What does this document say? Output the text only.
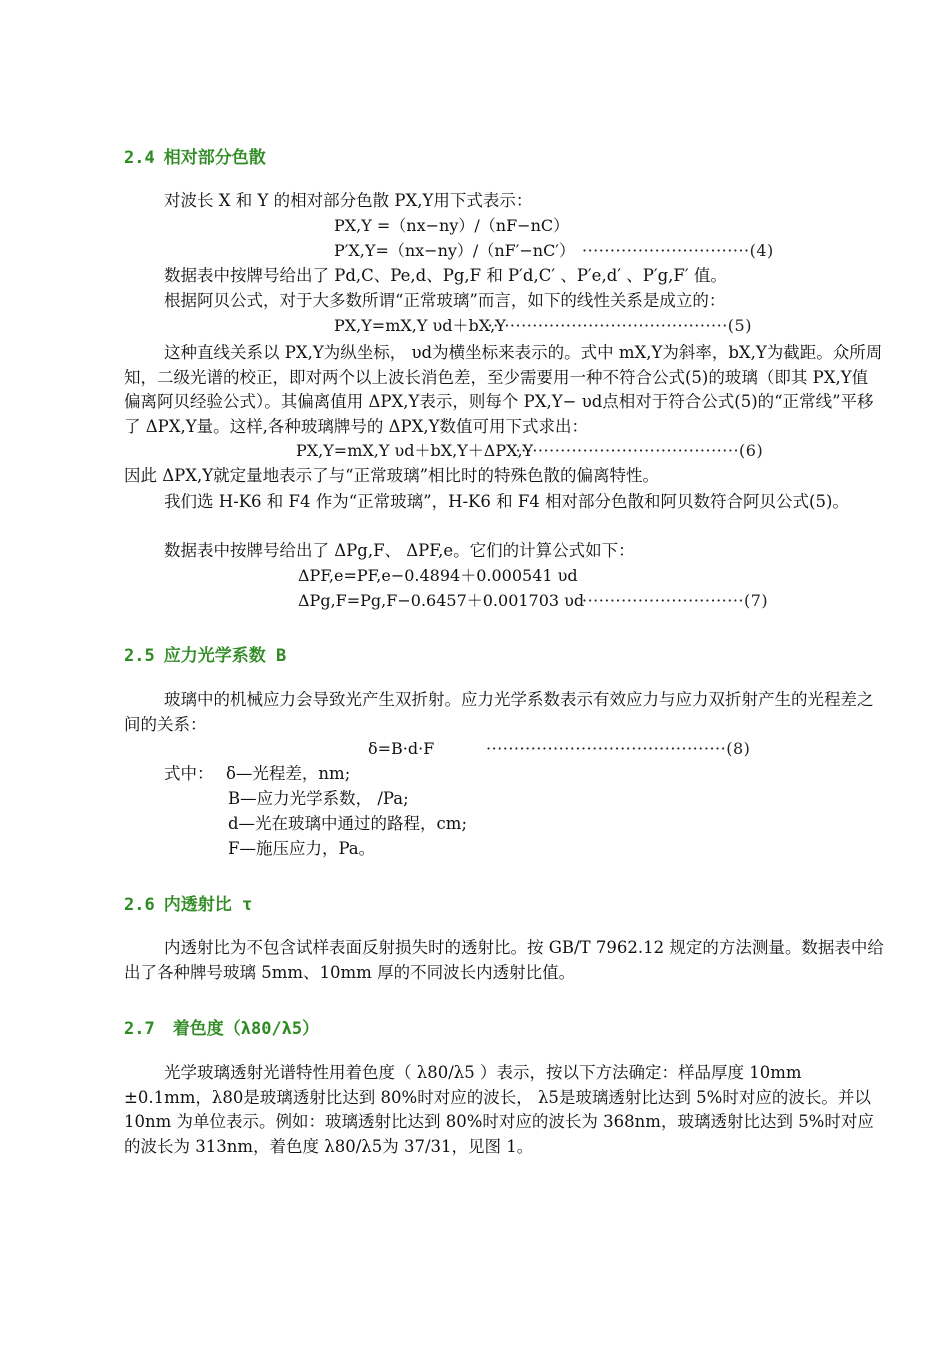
2.4 相对部分色散
对波长 X 和 Y 的相对部分色散 PX,Y用下式表示：
PX,Y =（nx−ny）/（nF−nC）
P′X,Y=（nx−ny）/（nF′−nC′） ······························(4)
数据表中按牌号给出了 Pd,C、Pe,d、Pg,F 和 P′d,C′ 、P′e,d′ 、P′g,F′ 值。
根据阿贝公式，对于大多数所谓“正常玻璃”而言，如下的线性关系是成立的：
PX,Y=mX,Y υd＋bX,Y
············································(5)
这种直线关系以 PX,Y为纵坐标， υd为横坐标来表示的。式中 mX,Y为斜率，bX,Y为截距。众所周知，二级光谱的校正，即对两个以上波长消色差，至少需要用一种不符合公式(5)的玻璃（即其 PX,Y值偏离阿贝经验公式）。其偏离值用 ΔPX,Y表示，则每个 PX,Y− υd点相对于符合公式(5)的“正常线”平移了 ΔPX,Y量。这样,各种玻璃牌号的 ΔPX,Y数值可用下式求出：
PX,Y=mX,Y υd＋bX,Y＋ΔPX,Y
·········································(6)
因此 ΔPX,Y就定量地表示了与“正常玻璃”相比时的特殊色散的偏离特性。
我们选 H-K6 和 F4 作为“正常玻璃”，H-K6 和 F4 相对部分色散和阿贝数符合阿贝公式(5)。
数据表中按牌号给出了 ΔPg,F、 ΔPF,e。它们的计算公式如下：
ΔPF,e=PF,e−0.4894＋0.000541 υd
ΔPg,F=Pg,F−0.6457＋0.001703 υd
·····························(7)
2.5 应力光学系数 B
玻璃中的机械应力会导致光产生双折射。应力光学系数表示有效应力与应力双折射产生的光程差之间的关系：
δ=B·d·F	···········································(8)
式中： δ—光程差，nm;
B—应力光学系数， /Pa;
d—光在玻璃中通过的路程，cm;
F—施压应力，Pa。
2.6 内透射比 τ
内透射比为不包含试样表面反射损失时的透射比。按 GB/T 7962.12 规定的方法测量。数据表中给出了各种牌号玻璃 5mm、10mm 厚的不同波长内透射比值。
2.7 着色度（λ80/λ5）
光学玻璃透射光谱特性用着色度（ λ80/λ5 ）表示，按以下方法确定：样品厚度 10mm ±0.1mm，λ80是玻璃透射比达到 80%时对应的波长， λ5是玻璃透射比达到 5%时对应的波长。并以 10nm 为单位表示。例如：玻璃透射比达到 80%时对应的波长为 368nm，玻璃透射比达到 5%时对应的波长为 313nm，着色度 λ80/λ5为 37/31，见图 1。
